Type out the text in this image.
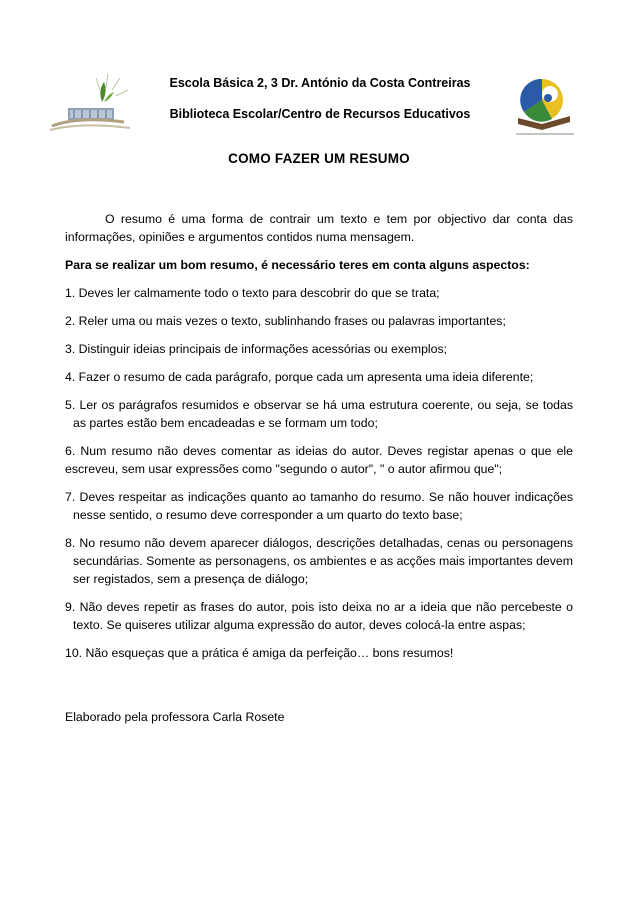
Escola Básica 2, 3 Dr. António da Costa Contreiras
Biblioteca Escolar/Centro de Recursos Educativos
COMO FAZER UM RESUMO

O resumo é uma forma de contrair um texto e tem por objectivo dar conta das informações, opiniões e argumentos contidos numa mensagem.

Para se realizar um bom resumo, é necessário teres em conta alguns aspectos:

1. Deves ler calmamente todo o texto para descobrir do que se trata;

2. Reler uma ou mais vezes o texto, sublinhando frases ou palavras importantes;

3. Distinguir ideias principais de informações acessórias ou exemplos;

4. Fazer o resumo de cada parágrafo, porque cada um apresenta uma ideia diferente;

5. Ler os parágrafos resumidos e observar se há uma estrutura coerente, ou seja, se todas as partes estão bem encadeadas e se formam um todo;

6. Num resumo não deves comentar as ideias do autor. Deves registar apenas o que ele escreveu, sem usar expressões como "segundo o autor", " o autor afirmou que";

7. Deves respeitar as indicações quanto ao tamanho do resumo. Se não houver indicações nesse sentido, o resumo deve corresponder a um quarto do texto base;

8. No resumo não devem aparecer diálogos, descrições detalhadas, cenas ou personagens secundárias. Somente as personagens, os ambientes e as acções mais importantes devem ser registados, sem a presença de diálogo;

9. Não deves repetir as frases do autor, pois isto deixa no ar a ideia que não percebeste o texto. Se quiseres utilizar alguma expressão do autor, deves colocá-la entre aspas;

10. Não esqueças que a prática é amiga da perfeição… bons resumos!

Elaborado pela professora Carla Rosete
